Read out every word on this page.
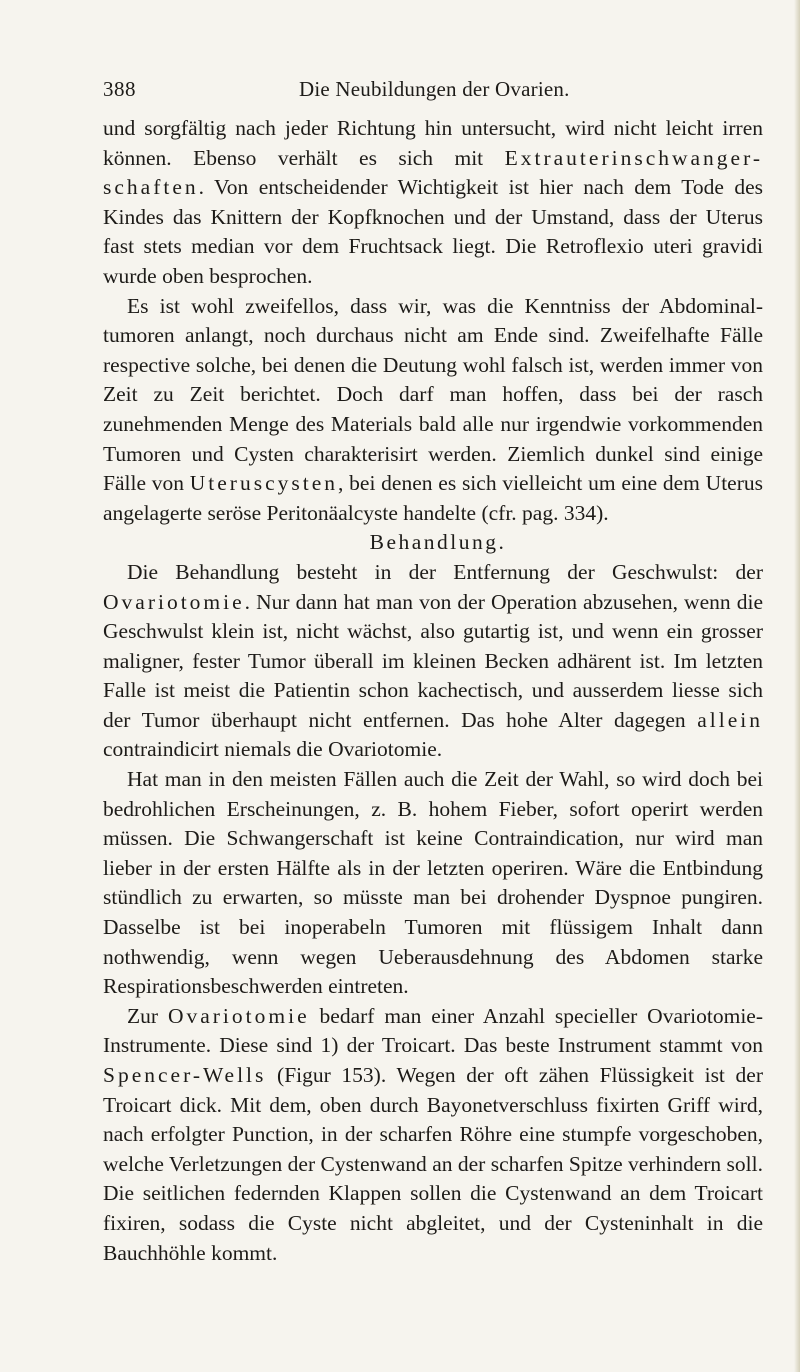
388	Die Neubildungen der Ovarien.

und sorgfältig nach jeder Richtung hin untersucht, wird nicht leicht irren können. Ebenso verhält es sich mit Extrauterinschwanger-schaften. Von entscheidender Wichtigkeit ist hier nach dem Tode des Kindes das Knittern der Kopfknochen und der Umstand, dass der Uterus fast stets median vor dem Fruchtsack liegt. Die Retroflexio uteri gravidi wurde oben besprochen.

Es ist wohl zweifellos, dass wir, was die Kenntniss der Abdominal-tumoren anlangt, noch durchaus nicht am Ende sind. Zweifelhafte Fälle respective solche, bei denen die Deutung wohl falsch ist, werden immer von Zeit zu Zeit berichtet. Doch darf man hoffen, dass bei der rasch zunehmenden Menge des Materials bald alle nur irgendwie vorkommenden Tumoren und Cysten charakterisirt werden. Ziemlich dunkel sind einige Fälle von Uteruscysten, bei denen es sich vielleicht um eine dem Uterus angelagerte seröse Peritonäalcyste handelte (cfr. pag. 334).

Behandlung.

Die Behandlung besteht in der Entfernung der Geschwulst: der Ovariotomie. Nur dann hat man von der Operation abzusehen, wenn die Geschwulst klein ist, nicht wächst, also gutartig ist, und wenn ein grosser maligner, fester Tumor überall im kleinen Becken adhärent ist. Im letzten Falle ist meist die Patientin schon kachectisch, und ausserdem liesse sich der Tumor überhaupt nicht entfernen. Das hohe Alter dagegen allein contraindicirt niemals die Ovariotomie.

Hat man in den meisten Fällen auch die Zeit der Wahl, so wird doch bei bedrohlichen Erscheinungen, z. B. hohem Fieber, sofort operirt werden müssen. Die Schwangerschaft ist keine Contraindication, nur wird man lieber in der ersten Hälfte als in der letzten operiren. Wäre die Entbindung stündlich zu erwarten, so müsste man bei drohender Dyspnoe pungiren. Dasselbe ist bei inoperabeln Tumoren mit flüssigem Inhalt dann nothwendig, wenn wegen Ueberausdehnung des Abdomen starke Respirationsbeschwerden eintreten.

Zur Ovariotomie bedarf man einer Anzahl specieller Ovariotomie-Instrumente. Diese sind 1) der Troicart. Das beste Instrument stammt von Spencer-Wells (Figur 153). Wegen der oft zähen Flüssigkeit ist der Troicart dick. Mit dem, oben durch Bayonetverschluss fixirten Griff wird, nach erfolgter Punction, in der scharfen Röhre eine stumpfe vorgeschoben, welche Verletzungen der Cystenwand an der scharfen Spitze verhindern soll. Die seitlichen federnden Klappen sollen die Cystenwand an dem Troicart fixiren, sodass die Cyste nicht abgleitet, und der Cysteninhalt in die Bauchhöhle kommt.
